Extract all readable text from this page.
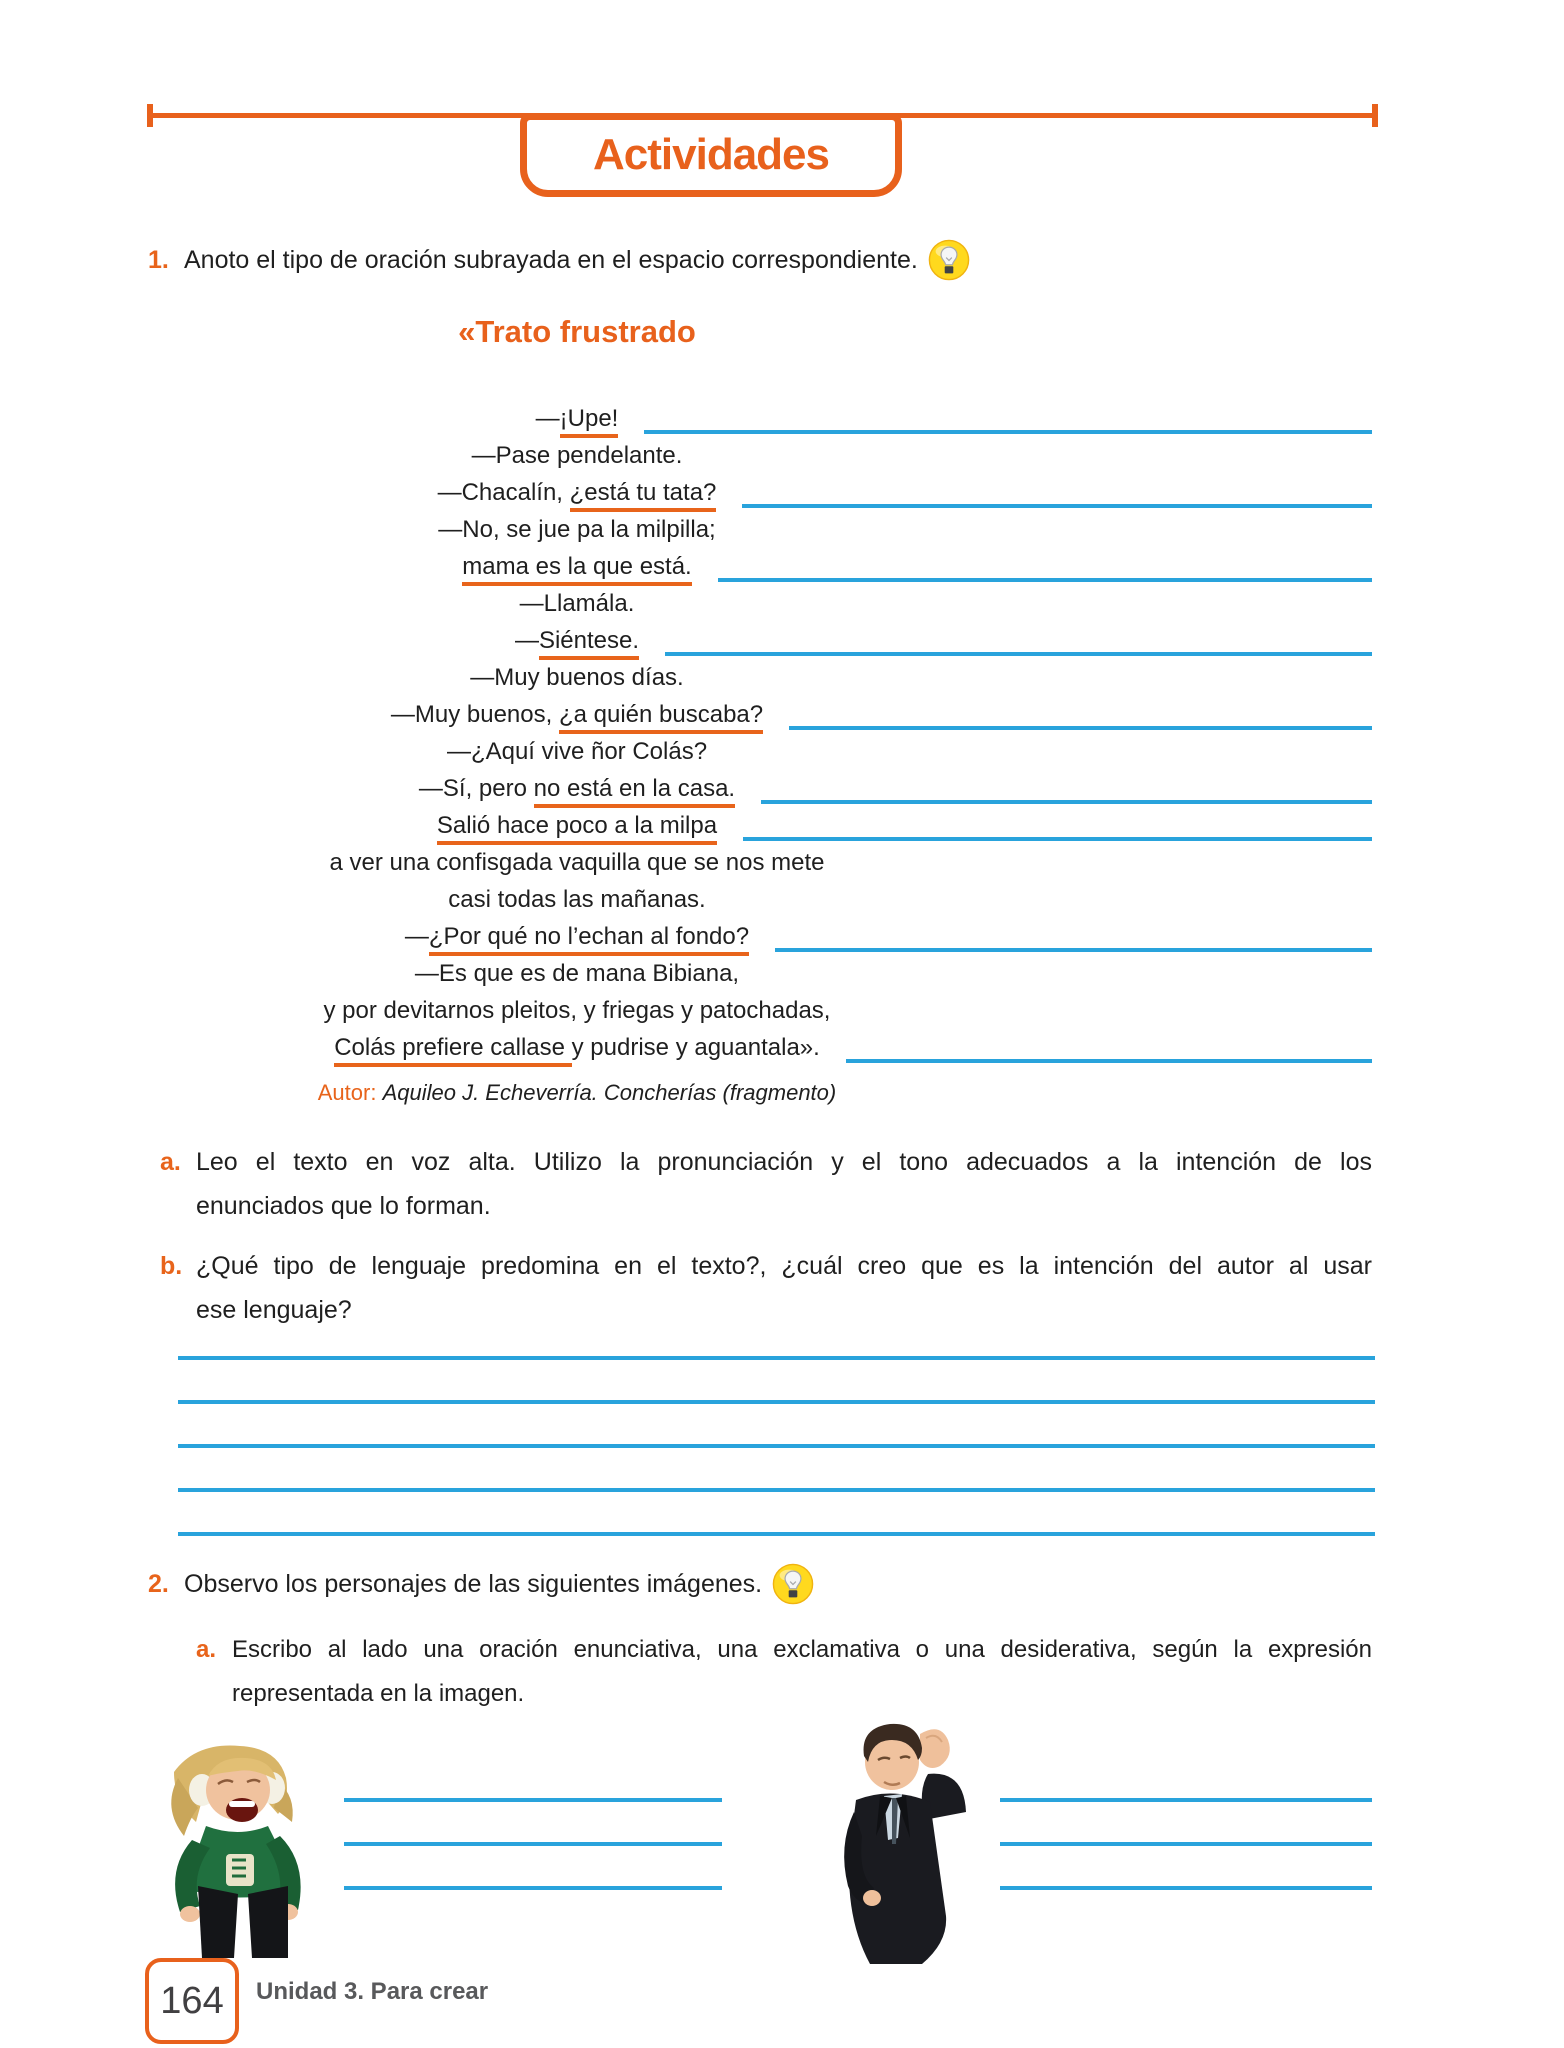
Actividades
1. Anoto el tipo de oración subrayada en el espacio correspondiente.
«Trato frustrado
—¡Upe!
—Pase pendelante.
—Chacalín, ¿está tu tata?
—No, se jue pa la milpilla;
mama es la que está.
—Llamála.
—Siéntese.
—Muy buenos días.
—Muy buenos, ¿a quién buscaba?
—¿Aquí vive ñor Colás?
—Sí, pero no está en la casa.
Salió hace poco a la milpa
a ver una confisgada vaquilla que se nos mete
casi todas las mañanas.
—¿Por qué no l’echan al fondo?
—Es que es de mana Bibiana,
y por devitarnos pleitos, y friegas y patochadas,
Colás prefiere callase y pudrise y aguantala».
Autor: Aquileo J. Echeverría. Concherías (fragmento)
a. Leo el texto en voz alta. Utilizo la pronunciación y el tono adecuados a la intención de los
enunciados que lo forman.
b. ¿Qué tipo de lenguaje predomina en el texto?, ¿cuál creo que es la intención del autor al usar
ese lenguaje?
2. Observo los personajes de las siguientes imágenes.
a. Escribo al lado una oración enunciativa, una exclamativa o una desiderativa, según la expresión
representada en la imagen.
164 Unidad 3. Para crear
